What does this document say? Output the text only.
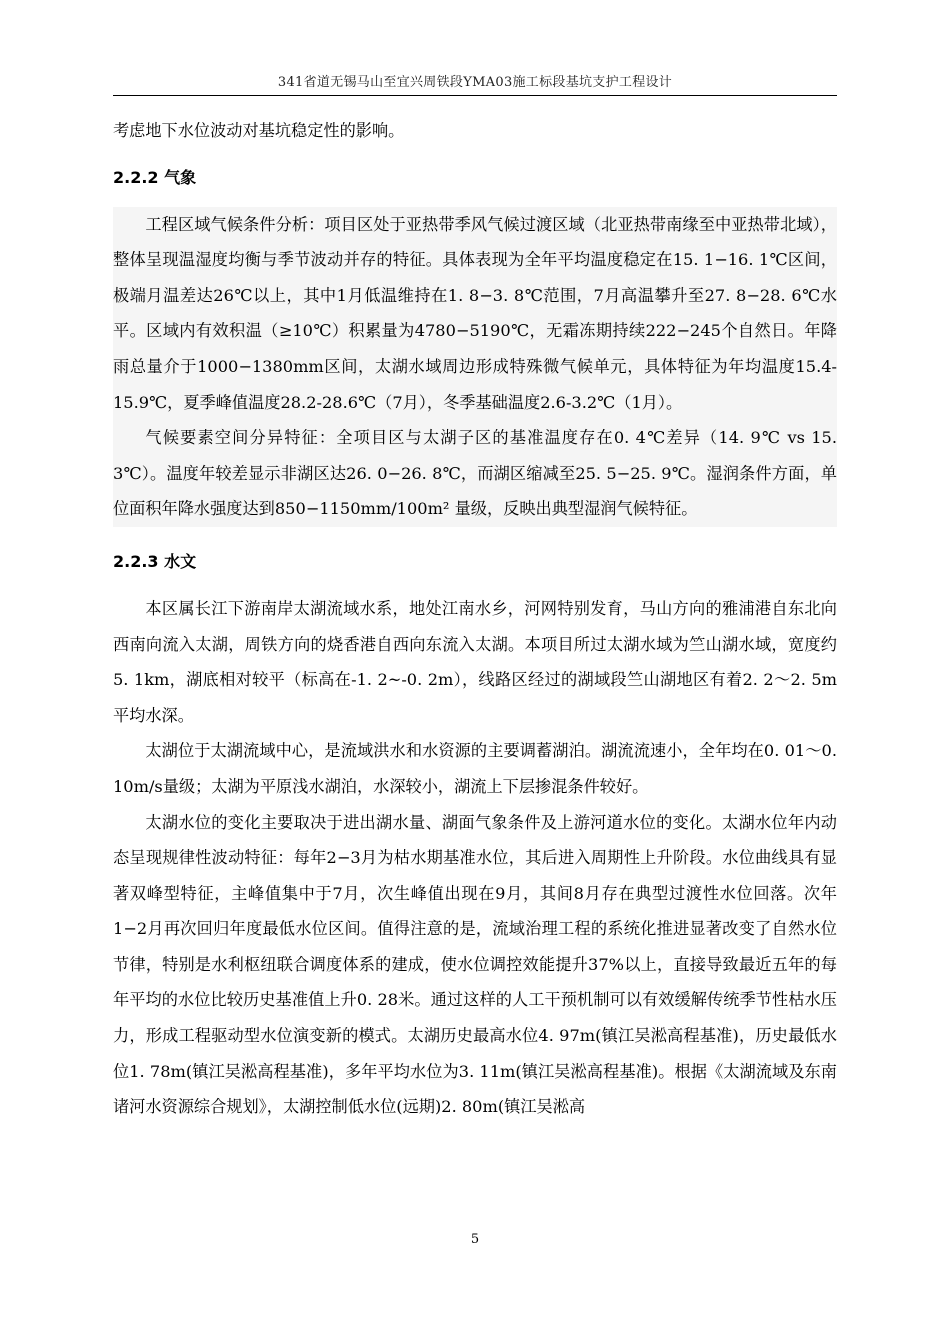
341省道无锡马山至宜兴周铁段YMA03施工标段基坑支护工程设计

考虑地下水位波动对基坑稳定性的影响。

2.2.2 气象

工程区域气候条件分析：项目区处于亚热带季风气候过渡区域（北亚热带南缘至中亚热带北域），整体呈现温湿度均衡与季节波动并存的特征。具体表现为全年平均温度稳定在15. 1−16. 1℃区间，极端月温差达26℃以上，其中1月低温维持在1. 8−3. 8℃范围，7月高温攀升至27. 8−28. 6℃水平。区域内有效积温（≥10℃）积累量为4780−5190℃，无霜冻期持续222−245个自然日。年降雨总量介于1000−1380mm区间，太湖水域周边形成特殊微气候单元，具体特征为年均温度15.4-15.9℃，夏季峰值温度28.2-28.6℃（7月），冬季基础温度2.6-3.2℃（1月）。

气候要素空间分异特征：全项目区与太湖子区的基准温度存在0. 4℃差异（14. 9℃ vs 15. 3℃）。温度年较差显示非湖区达26. 0−26. 8℃，而湖区缩减至25. 5−25. 9℃。湿润条件方面，单位面积年降水强度达到850−1150mm/100m² 量级，反映出典型湿润气候特征。

2.2.3 水文

本区属长江下游南岸太湖流域水系，地处江南水乡，河网特别发育，马山方向的雅浦港自东北向西南向流入太湖，周铁方向的烧香港自西向东流入太湖。本项目所过太湖水域为竺山湖水域，宽度约5. 1km，湖底相对较平（标高在-1. 2~-0. 2m），线路区经过的湖域段竺山湖地区有着2. 2～2. 5m平均水深。

太湖位于太湖流域中心，是流域洪水和水资源的主要调蓄湖泊。湖流流速小，全年均在0. 01～0. 10m/s量级；太湖为平原浅水湖泊，水深较小，湖流上下层掺混条件较好。

太湖水位的变化主要取决于进出湖水量、湖面气象条件及上游河道水位的变化。太湖水位年内动态呈现规律性波动特征：每年2−3月为枯水期基准水位，其后进入周期性上升阶段。水位曲线具有显著双峰型特征，主峰值集中于7月，次生峰值出现在9月，其间8月存在典型过渡性水位回落。次年1−2月再次回归年度最低水位区间。值得注意的是，流域治理工程的系统化推进显著改变了自然水位节律，特别是水利枢纽联合调度体系的建成，使水位调控效能提升37%以上，直接导致最近五年的每年平均的水位比较历史基准值上升0. 28米。通过这样的人工干预机制可以有效缓解传统季节性枯水压力，形成工程驱动型水位演变新的模式。太湖历史最高水位4. 97m(镇江吴淞高程基准)，历史最低水位1. 78m(镇江吴淞高程基准)，多年平均水位为3. 11m(镇江吴淞高程基准)。根据《太湖流域及东南诸河水资源综合规划》，太湖控制低水位(远期)2. 80m(镇江吴淞高

5
